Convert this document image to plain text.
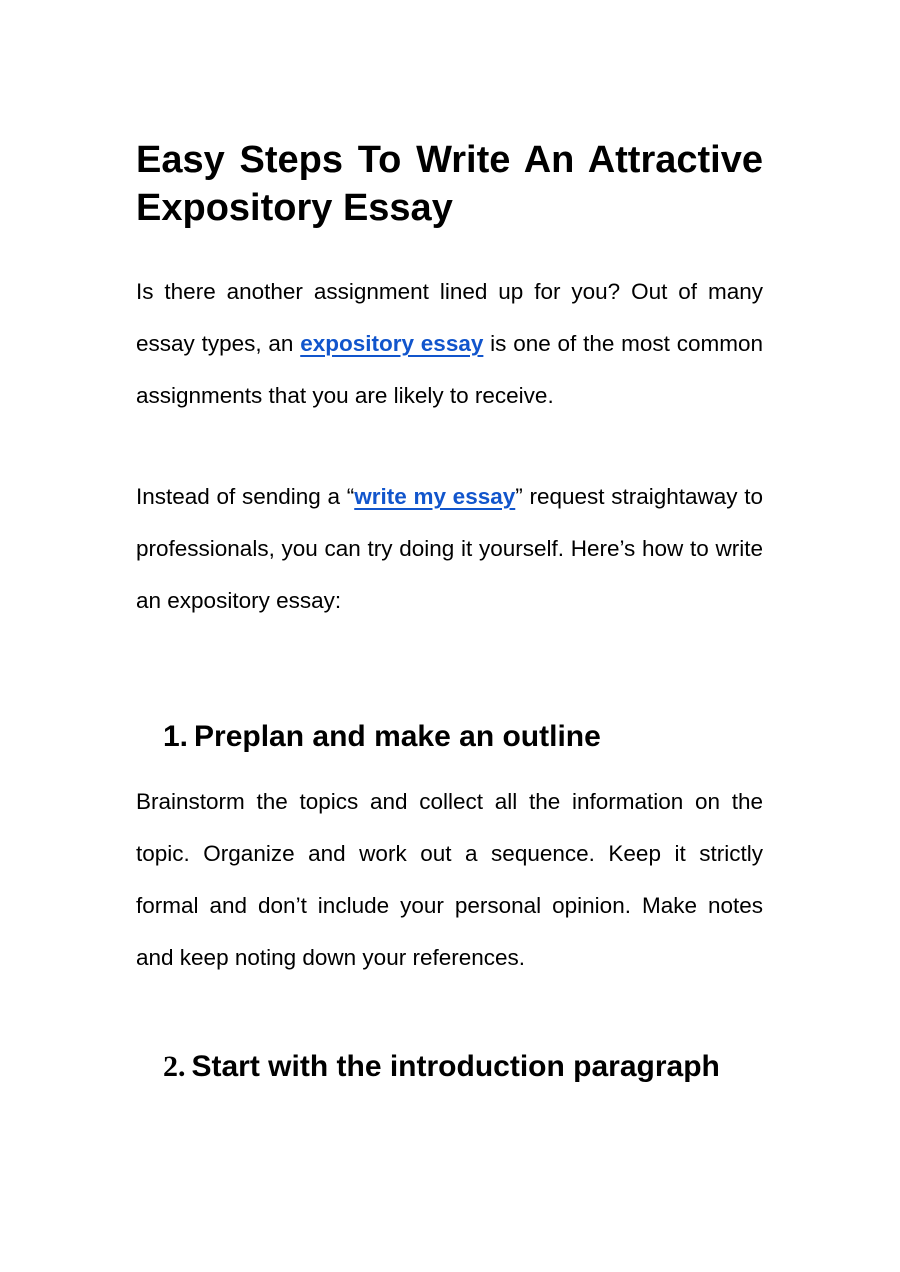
Easy Steps To Write An Attractive Expository Essay

Is there another assignment lined up for you? Out of many essay types, an expository essay is one of the most common assignments that you are likely to receive.

Instead of sending a “write my essay” request straightaway to professionals, you can try doing it yourself. Here’s how to write an expository essay:

1. Preplan and make an outline

Brainstorm the topics and collect all the information on the topic. Organize and work out a sequence. Keep it strictly formal and don’t include your personal opinion. Make notes and keep noting down your references.

2. Start with the introduction paragraph
